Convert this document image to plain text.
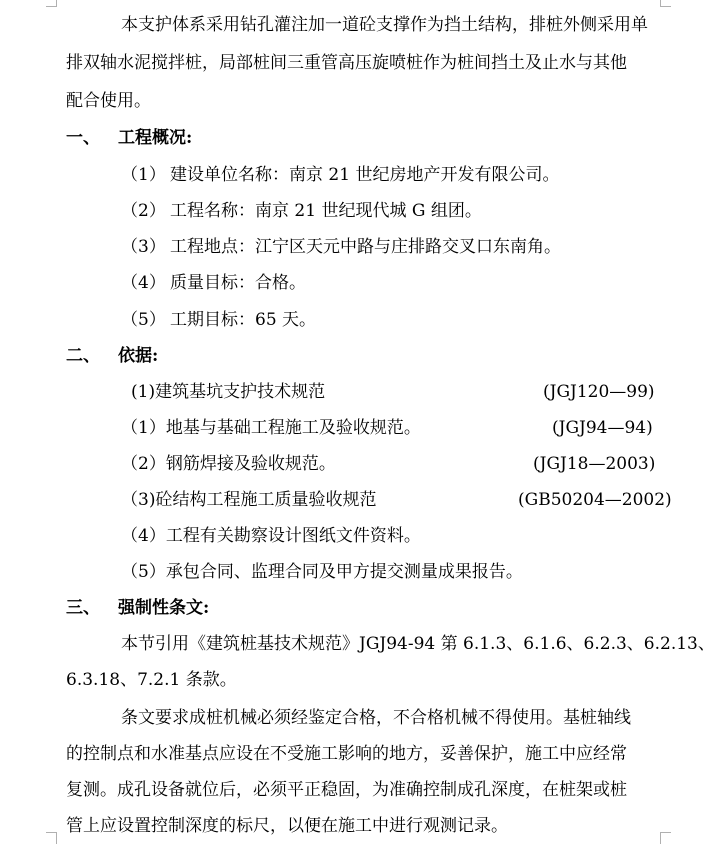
本支护体系采用钻孔灌注加一道砼支撑作为挡土结构，排桩外侧采用单
排双轴水泥搅拌桩，局部桩间三重管高压旋喷桩作为桩间挡土及止水与其他
配合使用。
一、 工程概况:
（1） 建设单位名称：南京 21 世纪房地产开发有限公司。
（2） 工程名称：南京 21 世纪现代城 G 组团。
（3） 工程地点：江宁区天元中路与庄排路交叉口东南角。
（4） 质量目标：合格。
（5） 工期目标：65 天。
二、 依据:
(1)建筑基坑支护技术规范	(JGJ120—99)
（1）地基与基础工程施工及验收规范。	(JGJ94—94)
（2）钢筋焊接及验收规范。	(JGJ18—2003)
（3)砼结构工程施工质量验收规范	(GB50204—2002)
（4）工程有关勘察设计图纸文件资料。
（5）承包合同、监理合同及甲方提交测量成果报告。
三、 强制性条文:
本节引用《建筑桩基技术规范》JGJ94-94 第 6.1.3、6.1.6、6.2.3、6.2.13、
6.3.18、7.2.1 条款。
条文要求成桩机械必须经鉴定合格，不合格机械不得使用。基桩轴线
的控制点和水准基点应设在不受施工影响的地方，妥善保护，施工中应经常
复测。成孔设备就位后，必须平正稳固，为准确控制成孔深度，在桩架或桩
管上应设置控制深度的标尺，以便在施工中进行观测记录。
